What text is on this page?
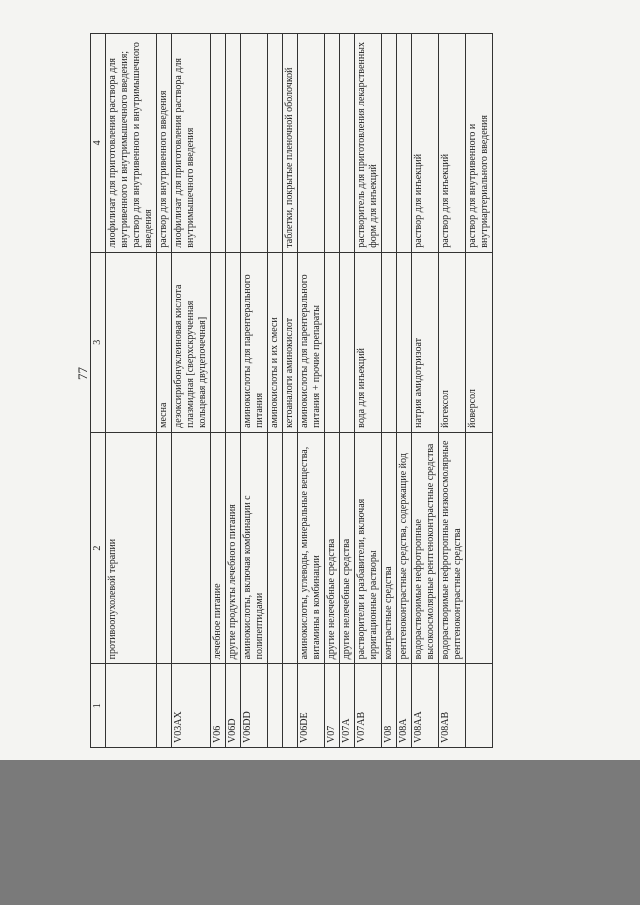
77
1	2	3	4
	противоопухолевой терапии		лиофилизат для приготовления раствора для внутривенного и внутримышечного введения;
раствор для внутривенного и внутримышечного введения
		месна	раствор для внутривенного введения
V03AX		дезоксирибонуклеиновая кислота плазмидная [сверхскрученная кольцевая двуцепочечная]	лиофилизат для приготовления раствора для внутримышечного введения
V06	лечебное питание		
V06D	другие продукты лечебного питания		
V06DD	аминокислоты, включая комбинации с полипептидами	аминокислоты для парентерального питания	
		аминокислоты и их смеси	
		кетоаналоги аминокислот	таблетки, покрытые пленочной оболочкой
V06DE	аминокислоты, углеводы, минеральные вещества, витамины в комбинации	аминокислоты для парентерального питания + прочие препараты	
V07	другие нелечебные средства		
V07A	другие нелечебные средства		
V07AB	растворители и разбавители, включая ирригационные растворы	вода для инъекций	растворитель для приготовления лекарственных форм для инъекций
V08	контрастные средства		
V08A	рентгеноконтрастные средства, содержащие йод		
V08AA	водорастворимые нефротропные высокоосмолярные рентгеноконтрастные средства	натрия амидотризоат	раствор для инъекций
V08AB	водорастворимые нефротропные низкоосмолярные рентгеноконтрастные средства	йогексол	раствор для инъекций
		йоверсол	раствор для внутривенного и внутриартериального введения
